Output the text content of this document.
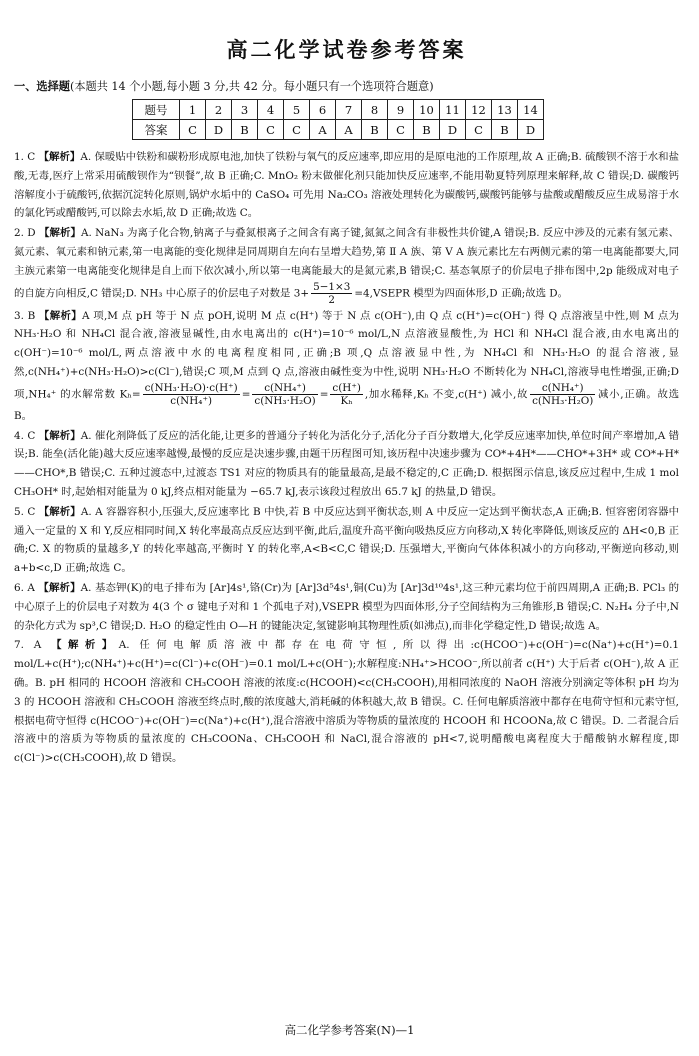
高二化学试卷参考答案
一、选择题(本题共 14 个小题,每小题 3 分,共 42 分。每小题只有一个选项符合题意)
题号	1	2	3	4	5	6	7	8	9	10	11	12	13	14
答案	C	D	B	C	C	A	A	B	C	B	D	C	B	D
1. C 【解析】A. 保暖贴中铁粉和碳粉形成原电池,加快了铁粉与氧气的反应速率,即应用的是原电池的工作原理,故 A 正确;B. 硫酸钡不溶于水和盐酸,无毒,医疗上常采用硫酸钡作为“钡餐”,故 B 正确;C. MnO₂ 粉末做催化剂只能加快反应速率,不能用勒夏特列原理来解释,故 C 错误;D. 碳酸钙溶解度小于硫酸钙,依据沉淀转化原则,锅炉水垢中的 CaSO₄ 可先用 Na₂CO₃ 溶液处理转化为碳酸钙,碳酸钙能够与盐酸或醋酸反应生成易溶于水的氯化钙或醋酸钙,可以除去水垢,故 D 正确;故选 C。
2. D 【解析】A. NaN₃ 为离子化合物,钠离子与叠氮根离子之间含有离子键,氮氮之间含有非极性共价键,A 错误;B. 反应中涉及的元素有氢元素、氮元素、氧元素和钠元素,第一电离能的变化规律是同周期自左向右呈增大趋势,第 Ⅱ A 族、第 Ⅴ A 族元素比左右两侧元素的第一电离能都要大,同主族元素第一电离能变化规律是自上而下依次减小,所以第一电离能最大的是氮元素,B 错误;C. 基态氧原子的价层电子排布图中,2p 能级成对电子的自旋方向相反,C 错误;D. NH₃ 中心原子的价层电子对数是 $3+ \frac{5-1\times 3}{2}$ =4,VSEPR 模型为四面体形,D 正确;故选 D。
3. B 【解析】A 项,M 点 pH 等于 N 点 pOH,说明 M 点 c(H⁺) 等于 N 点 c(OH⁻),由 Q 点 c(H⁺)=c(OH⁻) 得 Q 点溶液呈中性,则 M 点为 NH₃·H₂O 和 NH₄Cl 混合液,溶液显碱性,由水电离出的 c(H⁺)=10⁻⁶ mol/L,N 点溶液显酸性,为 HCl 和 NH₄Cl 混合液,由水电离出的 c(OH⁻)=10⁻⁶ mol/L,两点溶液中水的电离程度相同,正确;B 项,Q 点溶液显中性,为 NH₄Cl 和 NH₃·H₂O 的混合溶液,显然,c(NH₄⁺)+c(NH₃·H₂O)>c(Cl⁻),错误;C 项,M 点到 Q 点,溶液由碱性变为中性,说明 NH₃·H₂O 不断转化为 NH₄Cl,溶液导电性增强,正确;D 项,NH₄⁺ 的水解常数 $K_h= \frac{\text{c(NH₃·H₂O)·c(H⁺)}}{\text{c(NH₄⁺)}} = \frac{\text{c(NH₄⁺)}}{\text{c(NH₃·H₂O)}} = \frac{c(H^+)}{\text{Kₕ}}$ ,加水稀释,Kₕ 不变,c(H⁺) 减小,故 $\frac{\text{c(NH₄⁺)}}{\text{c(NH₃·H₂O)}}$ 减小,正确。故选 B。
4. C 【解析】A. 催化剂降低了反应的活化能,让更多的普通分子转化为活化分子,活化分子百分数增大,化学反应速率加快,单位时间产率增加,A 错误;B. 能垒(活化能)越大反应速率越慢,最慢的反应是决速步骤,由题干历程图可知,该历程中决速步骤为 CO*+4H*——CHO*+3H* 或 CO*+H*——CHO*,B 错误;C. 五种过渡态中,过渡态 TS1 对应的物质具有的能量最高,是最不稳定的,C 正确;D. 根据图示信息,该反应过程中,生成 1 mol CH₃OH* 时,起始相对能量为 0 kJ,终点相对能量为 −65.7 kJ,表示该段过程放出 65.7 kJ 的热量,D 错误。
5. C 【解析】A. A 容器容积小,压强大,反应速率比 B 中快,若 B 中反应达到平衡状态,则 A 中反应一定达到平衡状态,A 正确;B. 恒容密闭容器中通入一定量的 X 和 Y,反应相同时间,X 转化率最高点反应达到平衡,此后,温度升高平衡向吸热反应方向移动,X 转化率降低,则该反应的 ΔH<0,B 正确;C. X 的物质的量越多,Y 的转化率越高,平衡时 Y 的转化率,A<B<C,C 错误;D. 压强增大,平衡向气体体积减小的方向移动,平衡逆向移动,则 a+b<c,D 正确;故选 C。
6. A 【解析】A. 基态钾(K)的电子排布为 [Ar]4s¹,铬(Cr)为 [Ar]3d⁵4s¹,铜(Cu)为 [Ar]3d¹⁰4s¹,这三种元素均位于前四周期,A 正确;B. PCl₃ 的中心原子上的价层电子对数为 4(3 个 σ 键电子对和 1 个孤电子对),VSEPR 模型为四面体形,分子空间结构为三角锥形,B 错误;C. N₂H₄ 分子中,N 的杂化方式为 sp³,C 错误;D. H₂O 的稳定性由 O—H 的键能决定,氢键影响其物理性质(如沸点),而非化学稳定性,D 错误;故选 A。
7. A 【解析】A. 任何电解质溶液中都存在电荷守恒,所以得出:c(HCOO⁻)+c(OH⁻)=c(Na⁺)+c(H⁺)=0.1 mol/L+c(H⁺);c(NH₄⁺)+c(H⁺)=c(Cl⁻)+c(OH⁻)=0.1 mol/L+c(OH⁻);水解程度:NH₄⁺>HCOO⁻,所以前者 c(H⁺) 大于后者 c(OH⁻),故 A 正确。B. pH 相同的 HCOOH 溶液和 CH₃COOH 溶液的浓度:c(HCOOH)<c(CH₃COOH),用相同浓度的 NaOH 溶液分别滴定等体积 pH 均为 3 的 HCOOH 溶液和 CH₃COOH 溶液至终点时,酸的浓度越大,消耗碱的体积越大,故 B 错误。C. 任何电解质溶液中都存在电荷守恒和元素守恒,根据电荷守恒得 c(HCOO⁻)+c(OH⁻)=c(Na⁺)+c(H⁺),混合溶液中溶质为等物质的量浓度的 HCOOH 和 HCOONa,故 C 错误。D. 二者混合后溶液中的溶质为等物质的量浓度的 CH₃COONa、CH₃COOH 和 NaCl,混合溶液的 pH<7,说明醋酸电离程度大于醋酸钠水解程度,即 c(Cl⁻)>c(CH₃COOH),故 D 错误。
高二化学参考答案(N)—1
